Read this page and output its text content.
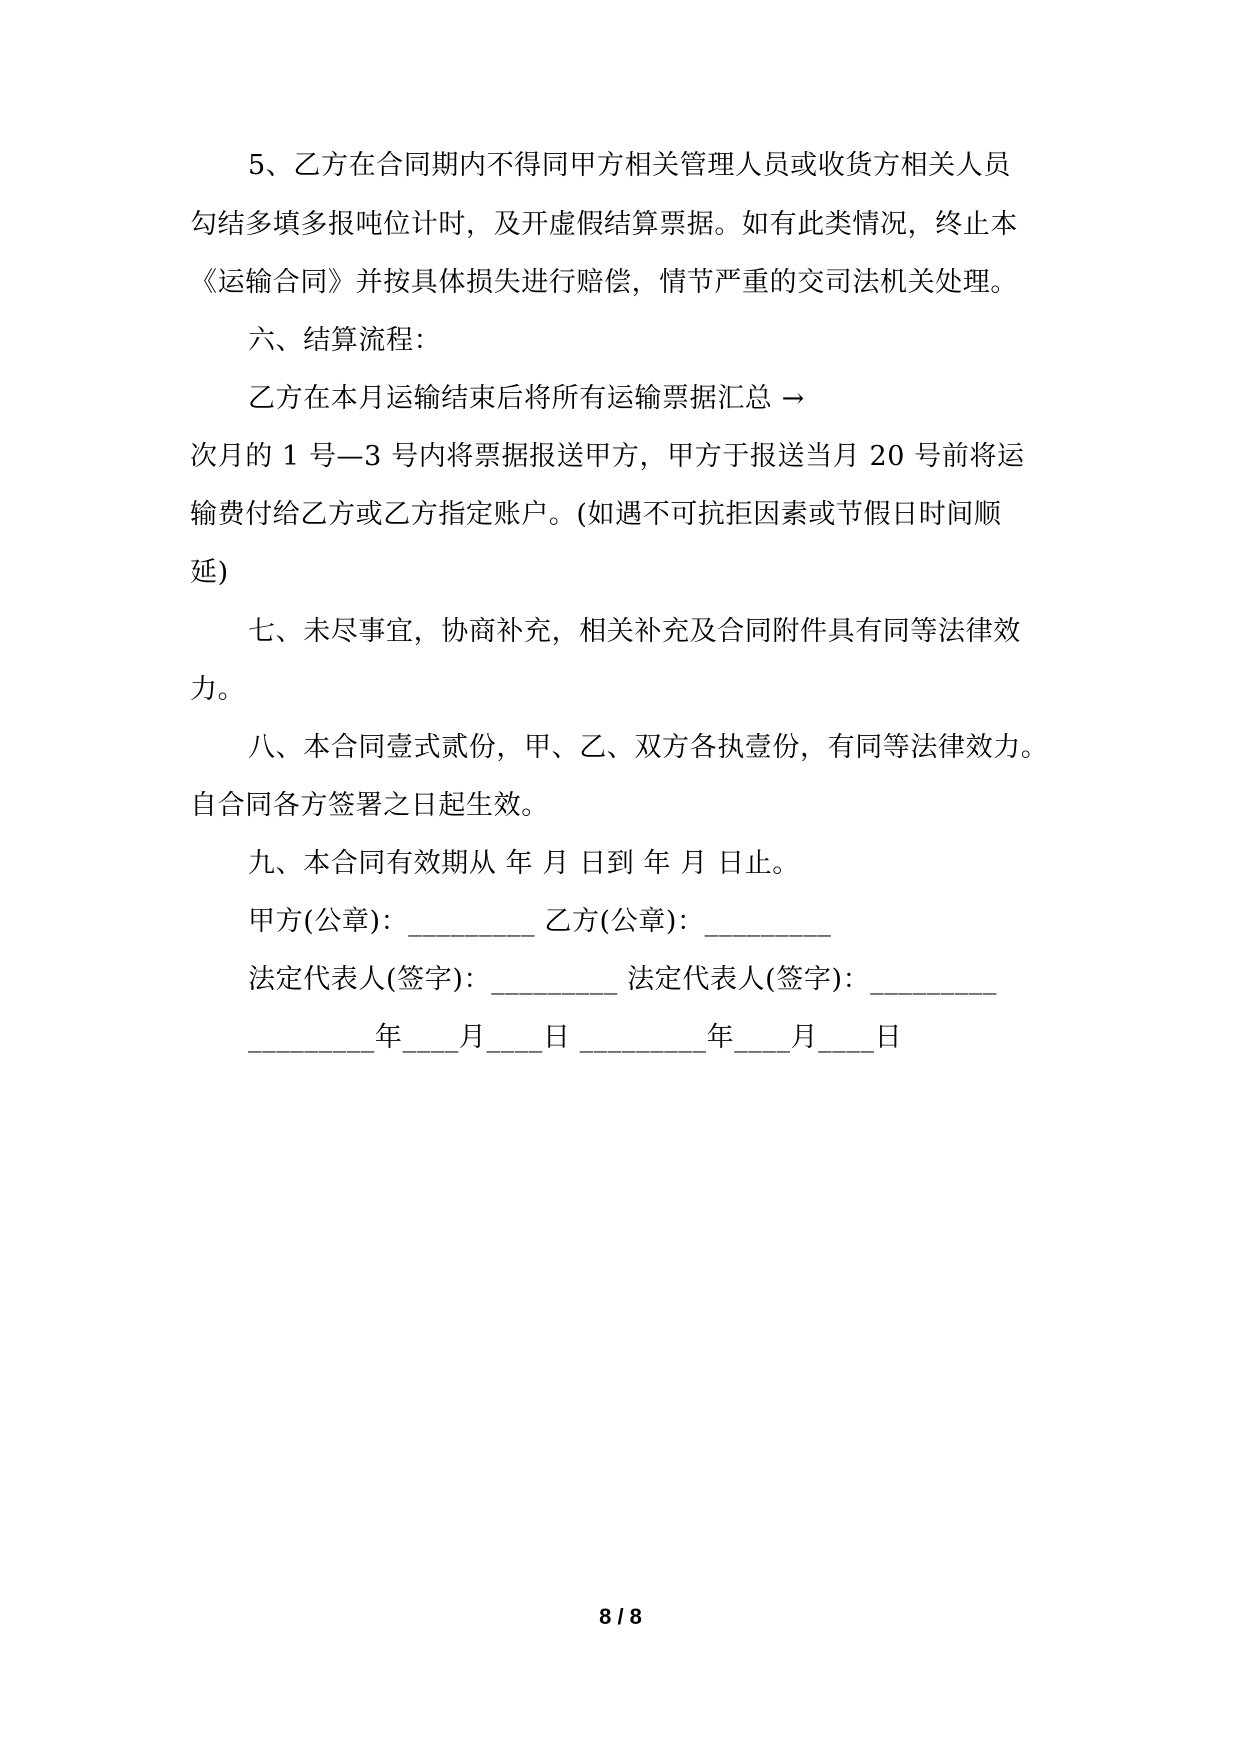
5、乙方在合同期内不得同甲方相关管理人员或收货方相关人员
勾结多填多报吨位计时，及开虚假结算票据。如有此类情况，终止本
《运输合同》并按具体损失进行赔偿，情节严重的交司法机关处理。
六、结算流程：
乙方在本月运输结束后将所有运输票据汇总 →
次月的 1 号—3 号内将票据报送甲方，甲方于报送当月 20 号前将运
输费付给乙方或乙方指定账户。(如遇不可抗拒因素或节假日时间顺
延)
七、未尽事宜，协商补充，相关补充及合同附件具有同等法律效
力。
八、本合同壹式贰份，甲、乙、双方各执壹份，有同等法律效力。
自合同各方签署之日起生效。
九、本合同有效期从 年 月 日到 年 月 日止。
甲方(公章)：_________ 乙方(公章)：_________
法定代表人(签字)：_________ 法定代表人(签字)：_________
_________年____月____日 _________年____月____日
8 / 8
